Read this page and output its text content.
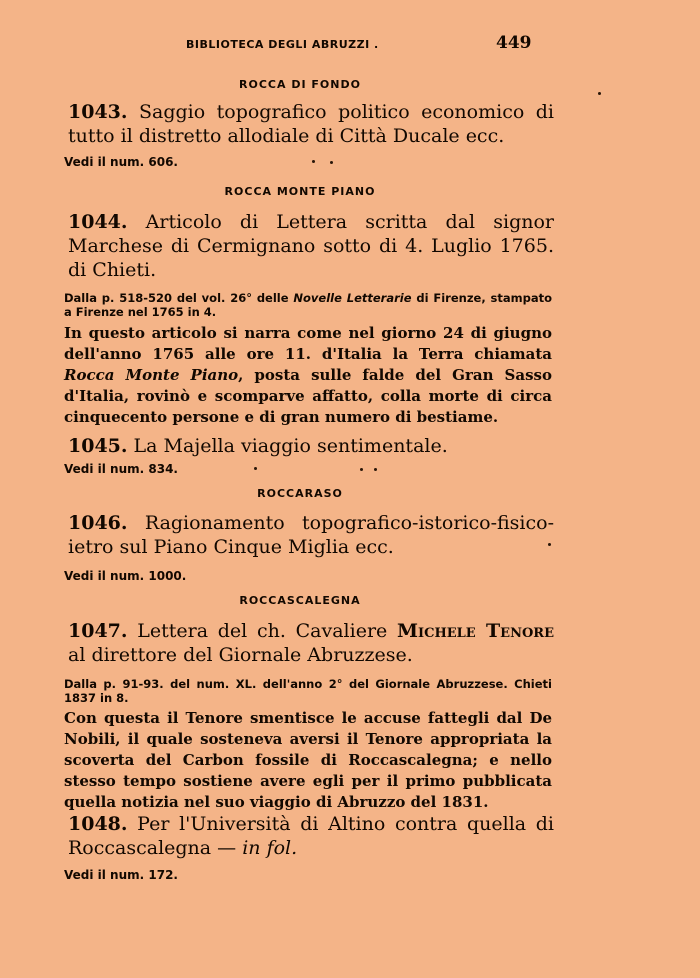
BIBLIOTECA DEGLI ABRUZZI .	449
ROCCA DI FONDO

1043. Saggio topografico politico economico di tutto il distretto allodiale di Città Ducale ecc.

Vedi il num. 606.
ROCCA MONTE PIANO

1044. Articolo di Lettera scritta dal signor Marchese di Cermignano sotto di 4. Luglio 1765. di Chieti.

Dalla p. 518-520 del vol. 26° delle Novelle Letterarie di Firenze, stampato a Firenze nel 1765 in 4.

In questo articolo si narra come nel giorno 24 di giugno dell'anno 1765 alle ore 11. d'Italia la Terra chiamata Rocca Monte Piano, posta sulle falde del Gran Sasso d'Italia, rovinò e scomparve affatto, colla morte di circa cinquecento persone e di gran numero di bestiame.

1045. La Majella viaggio sentimentale.

Vedi il num. 834.
ROCCARASO

1046. Ragionamento topografico-istorico-fisico-ietro sul Piano Cinque Miglia ecc.

Vedi il num. 1000.
ROCCASCALEGNA

1047. Lettera del ch. Cavaliere Michele Tenore al direttore del Giornale Abruzzese.

Dalla p. 91-93. del num. XL. dell'anno 2° del Giornale Abruzzese. Chieti 1837 in 8.

Con questa il Tenore smentisce le accuse fattegli dal De Nobili, il quale sosteneva aversi il Tenore appropriata la scoverta del Carbon fossile di Roccascalegna; e nello stesso tempo sostiene avere egli per il primo pubblicata quella notizia nel suo viaggio di Abruzzo del 1831.

1048. Per l'Università di Altino contra quella di Roccascalegna — in fol.

Vedi il num. 172.
